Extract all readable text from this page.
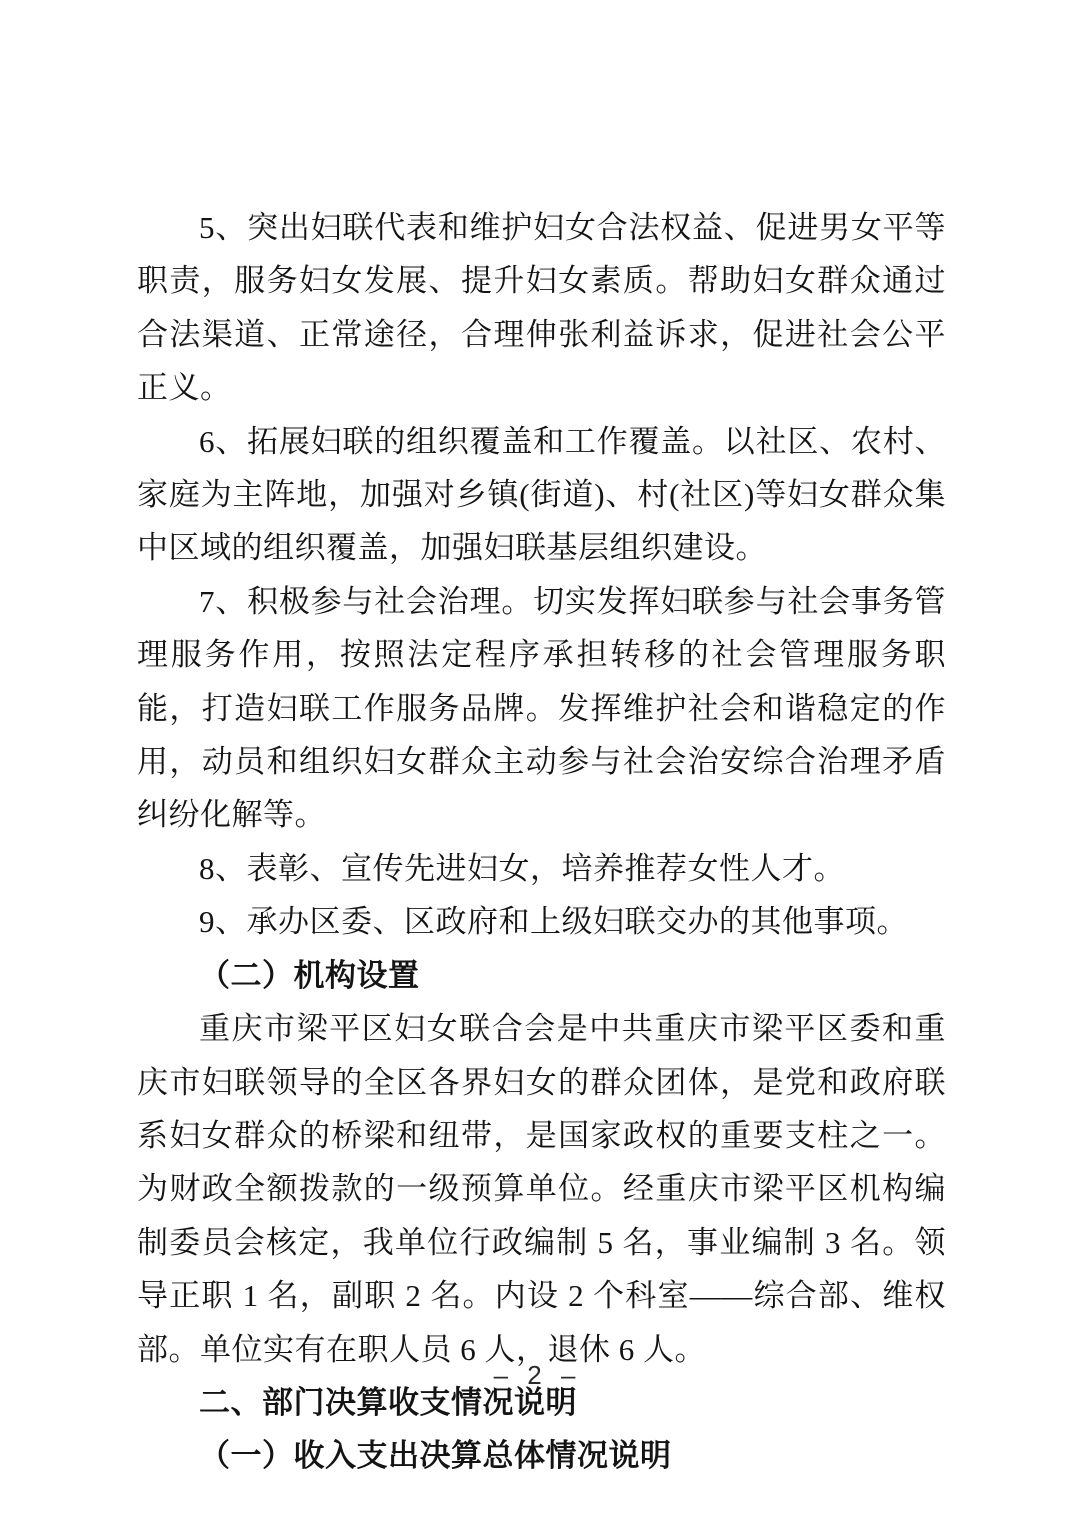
5、突出妇联代表和维护妇女合法权益、促进男女平等职责，服务妇女发展、提升妇女素质。帮助妇女群众通过合法渠道、正常途径，合理伸张利益诉求，促进社会公平正义。

6、拓展妇联的组织覆盖和工作覆盖。以社区、农村、家庭为主阵地，加强对乡镇(街道)、村(社区)等妇女群众集中区域的组织覆盖，加强妇联基层组织建设。

7、积极参与社会治理。切实发挥妇联参与社会事务管理服务作用，按照法定程序承担转移的社会管理服务职能，打造妇联工作服务品牌。发挥维护社会和谐稳定的作用，动员和组织妇女群众主动参与社会治安综合治理矛盾纠纷化解等。

8、表彰、宣传先进妇女，培养推荐女性人才。

9、承办区委、区政府和上级妇联交办的其他事项。

（二）机构设置

重庆市梁平区妇女联合会是中共重庆市梁平区委和重庆市妇联领导的全区各界妇女的群众团体，是党和政府联系妇女群众的桥梁和纽带，是国家政权的重要支柱之一。为财政全额拨款的一级预算单位。经重庆市梁平区机构编制委员会核定，我单位行政编制 5 名，事业编制 3 名。领导正职 1 名，副职 2 名。内设 2 个科室——综合部、维权部。单位实有在职人员 6 人，退休 6 人。

二、部门决算收支情况说明

（一）收入支出决算总体情况说明

– 2 –
